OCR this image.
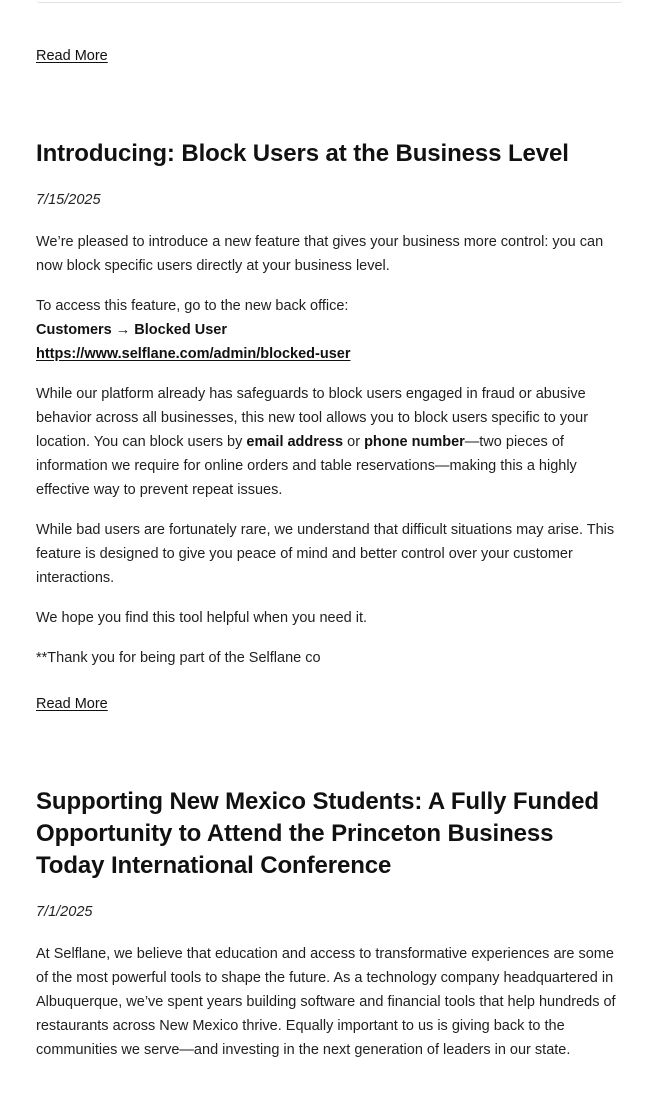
Read More
Introducing: Block Users at the Business Level

7/15/2025

We’re pleased to introduce a new feature that gives your business more control: you can now block specific users directly at your business level.

To access this feature, go to the new back office:
Customers → Blocked User
https://www.selflane.com/admin/blocked-user

While our platform already has safeguards to block users engaged in fraud or abusive behavior across all businesses, this new tool allows you to block users specific to your location. You can block users by email address or phone number—two pieces of information we require for online orders and table reservations—making this a highly effective way to prevent repeat issues.

While bad users are fortunately rare, we understand that difficult situations may arise. This feature is designed to give you peace of mind and better control over your customer interactions.

We hope you find this tool helpful when you need it.

**Thank you for being part of the Selflane co

Read More
Supporting New Mexico Students: A Fully Funded Opportunity to Attend the Princeton Business Today International Conference

7/1/2025

At Selflane, we believe that education and access to transformative experiences are some of the most powerful tools to shape the future. As a technology company headquartered in Albuquerque, we’ve spent years building software and financial tools that help hundreds of restaurants across New Mexico thrive. Equally important to us is giving back to the communities we serve—and investing in the next generation of leaders in our state.
